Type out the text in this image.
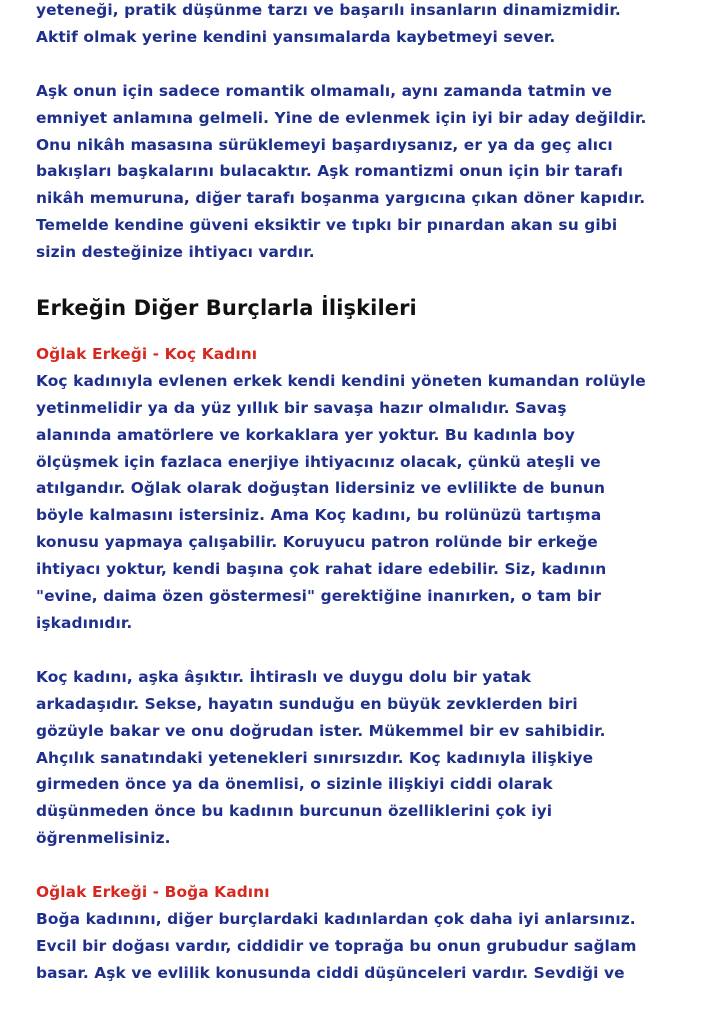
yeteneği, pratik düşünme tarzı ve başarılı insanların dinamizmidir.
Aktif olmak yerine kendini yansımalarda kaybetmeyi sever.
Aşk onun için sadece romantik olmamalı, aynı zamanda tatmin ve
emniyet anlamına gelmeli. Yine de evlenmek için iyi bir aday değildir.
Onu nikâh masasına sürüklemeyi başardıysanız, er ya da geç alıcı
bakışları başkalarını bulacaktır. Aşk romantizmi onun için bir tarafı
nikâh memuruna, diğer tarafı boşanma yargıcına çıkan döner kapıdır.
Temelde kendine güveni eksiktir ve tıpkı bir pınardan akan su gibi
sizin desteğinize ihtiyacı vardır.
Erkeğin Diğer Burçlarla İlişkileri
Oğlak Erkeği - Koç Kadını
Koç kadınıyla evlenen erkek kendi kendini yöneten kumandan rolüyle
yetinmelidir ya da yüz yıllık bir savaşa hazır olmalıdır. Savaş
alanında amatörlere ve korkaklara yer yoktur. Bu kadınla boy
ölçüşmek için fazlaca enerjiye ihtiyacınız olacak, çünkü ateşli ve
atılgandır. Oğlak olarak doğuştan lidersiniz ve evlilikte de bunun
böyle kalmasını istersiniz. Ama Koç kadını, bu rolünüzü tartışma
konusu yapmaya çalışabilir. Koruyucu patron rolünde bir erkeğe
ihtiyacı yoktur, kendi başına çok rahat idare edebilir. Siz, kadının
"evine, daima özen göstermesi" gerektiğine inanırken, o tam bir
işkadınıdır.
Koç kadını, aşka âşıktır. İhtiraslı ve duygu dolu bir yatak
arkadaşıdır. Sekse, hayatın sunduğu en büyük zevklerden biri
gözüyle bakar ve onu doğrudan ister. Mükemmel bir ev sahibidir.
Ahçılık sanatındaki yetenekleri sınırsızdır. Koç kadınıyla ilişkiye
girmeden önce ya da önemlisi, o sizinle ilişkiyi ciddi olarak
düşünmeden önce bu kadının burcunun özelliklerini çok iyi
öğrenmelisiniz.
Oğlak Erkeği - Boğa Kadını
Boğa kadınını, diğer burçlardaki kadınlardan çok daha iyi anlarsınız.
Evcil bir doğası vardır, ciddidir ve toprağa bu onun grubudur sağlam
basar. Aşk ve evlilik konusunda ciddi düşünceleri vardır. Sevdiği ve
